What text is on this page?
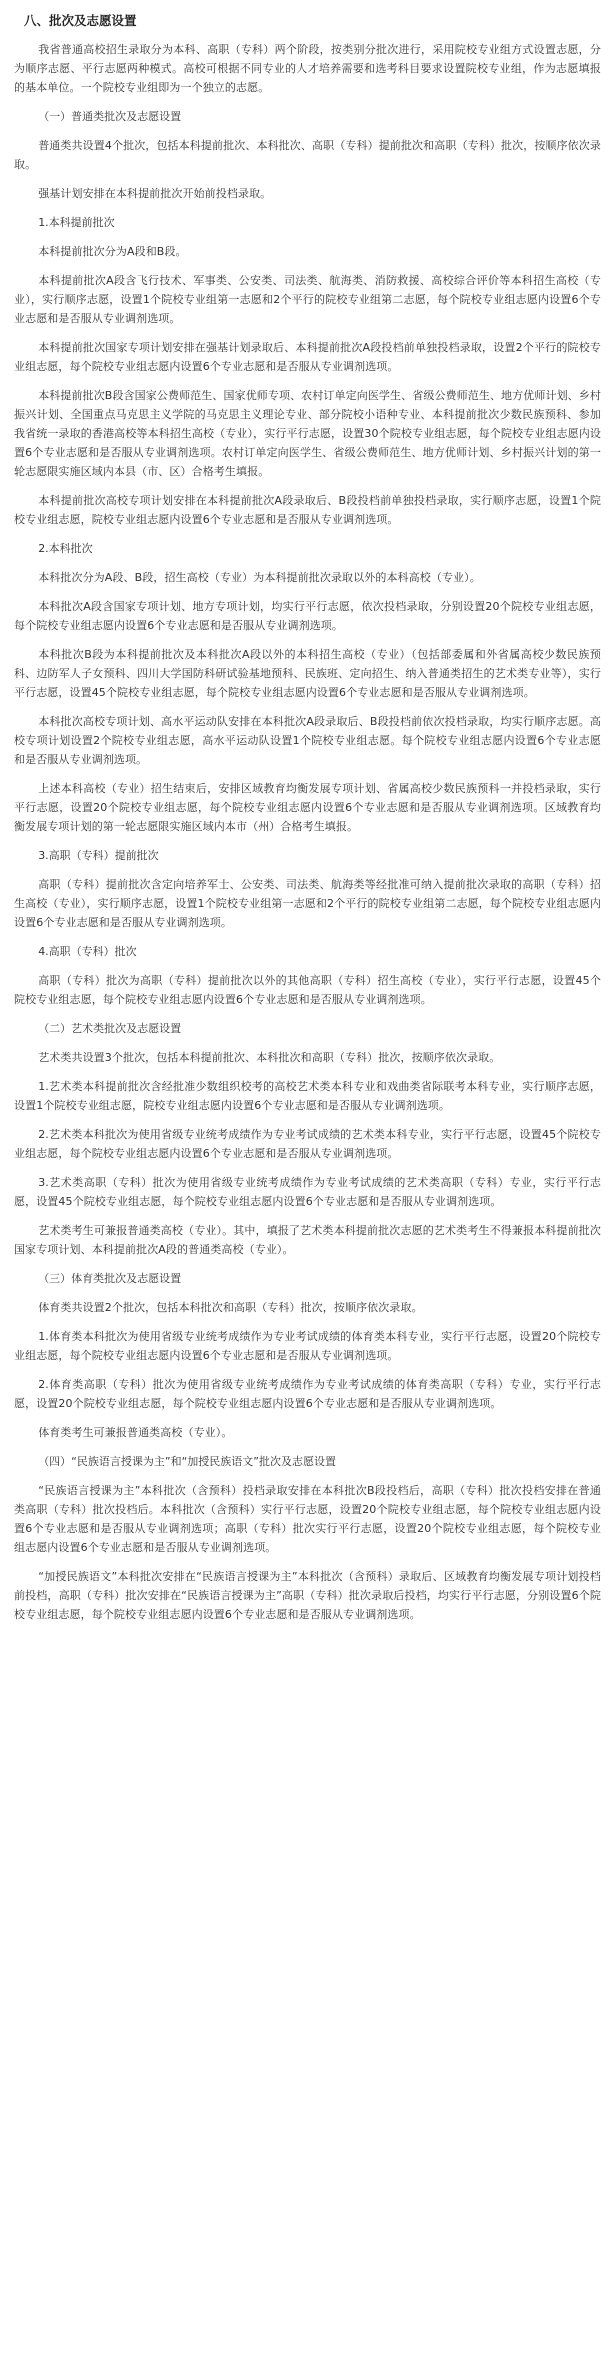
八、批次及志愿设置

我省普通高校招生录取分为本科、高职（专科）两个阶段，按类别分批次进行，采用院校专业组方式设置志愿，分为顺序志愿、平行志愿两种模式。高校可根据不同专业的人才培养需要和选考科目要求设置院校专业组，作为志愿填报的基本单位。一个院校专业组即为一个独立的志愿。

（一）普通类批次及志愿设置

普通类共设置4个批次，包括本科提前批次、本科批次、高职（专科）提前批次和高职（专科）批次，按顺序依次录取。

强基计划安排在本科提前批次开始前投档录取。

1.本科提前批次

本科提前批次分为A段和B段。

本科提前批次A段含飞行技术、军事类、公安类、司法类、航海类、消防救援、高校综合评价等本科招生高校（专业），实行顺序志愿，设置1个院校专业组第一志愿和2个平行的院校专业组第二志愿，每个院校专业组志愿内设置6个专业志愿和是否服从专业调剂选项。

本科提前批次国家专项计划安排在强基计划录取后、本科提前批次A段投档前单独投档录取，设置2个平行的院校专业组志愿，每个院校专业组志愿内设置6个专业志愿和是否服从专业调剂选项。

本科提前批次B段含国家公费师范生、国家优师专项、农村订单定向医学生、省级公费师范生、地方优师计划、乡村振兴计划、全国重点马克思主义学院的马克思主义理论专业、部分院校小语种专业、本科提前批次少数民族预科、参加我省统一录取的香港高校等本科招生高校（专业），实行平行志愿，设置30个院校专业组志愿，每个院校专业组志愿内设置6个专业志愿和是否服从专业调剂选项。农村订单定向医学生、省级公费师范生、地方优师计划、乡村振兴计划的第一轮志愿限实施区域内本县（市、区）合格考生填报。

本科提前批次高校专项计划安排在本科提前批次A段录取后、B段投档前单独投档录取，实行顺序志愿，设置1个院校专业组志愿，院校专业组志愿内设置6个专业志愿和是否服从专业调剂选项。

2.本科批次

本科批次分为A段、B段，招生高校（专业）为本科提前批次录取以外的本科高校（专业）。

本科批次A段含国家专项计划、地方专项计划，均实行平行志愿，依次投档录取，分别设置20个院校专业组志愿，每个院校专业组志愿内设置6个专业志愿和是否服从专业调剂选项。

本科批次B段为本科提前批次及本科批次A段以外的本科招生高校（专业）（包括部委属和外省属高校少数民族预科、边防军人子女预科、四川大学国防科研试验基地预科、民族班、定向招生、纳入普通类招生的艺术类专业等），实行平行志愿，设置45个院校专业组志愿，每个院校专业组志愿内设置6个专业志愿和是否服从专业调剂选项。

本科批次高校专项计划、高水平运动队安排在本科批次A段录取后、B段投档前依次投档录取，均实行顺序志愿。高校专项计划设置2个院校专业组志愿，高水平运动队设置1个院校专业组志愿。每个院校专业组志愿内设置6个专业志愿和是否服从专业调剂选项。

上述本科高校（专业）招生结束后，安排区域教育均衡发展专项计划、省属高校少数民族预科一并投档录取，实行平行志愿，设置20个院校专业组志愿，每个院校专业组志愿内设置6个专业志愿和是否服从专业调剂选项。区域教育均衡发展专项计划的第一轮志愿限实施区域内本市（州）合格考生填报。

3.高职（专科）提前批次

高职（专科）提前批次含定向培养军士、公安类、司法类、航海类等经批准可纳入提前批次录取的高职（专科）招生高校（专业），实行顺序志愿，设置1个院校专业组第一志愿和2个平行的院校专业组第二志愿，每个院校专业组志愿内设置6个专业志愿和是否服从专业调剂选项。

4.高职（专科）批次

高职（专科）批次为高职（专科）提前批次以外的其他高职（专科）招生高校（专业），实行平行志愿，设置45个院校专业组志愿，每个院校专业组志愿内设置6个专业志愿和是否服从专业调剂选项。

（二）艺术类批次及志愿设置

艺术类共设置3个批次，包括本科提前批次、本科批次和高职（专科）批次，按顺序依次录取。

1.艺术类本科提前批次含经批准少数组织校考的高校艺术类本科专业和戏曲类省际联考本科专业，实行顺序志愿，设置1个院校专业组志愿，院校专业组志愿内设置6个专业志愿和是否服从专业调剂选项。

2.艺术类本科批次为使用省级专业统考成绩作为专业考试成绩的艺术类本科专业，实行平行志愿，设置45个院校专业组志愿，每个院校专业组志愿内设置6个专业志愿和是否服从专业调剂选项。

3.艺术类高职（专科）批次为使用省级专业统考成绩作为专业考试成绩的艺术类高职（专科）专业，实行平行志愿，设置45个院校专业组志愿，每个院校专业组志愿内设置6个专业志愿和是否服从专业调剂选项。

艺术类考生可兼报普通类高校（专业）。其中，填报了艺术类本科提前批次志愿的艺术类考生不得兼报本科提前批次国家专项计划、本科提前批次A段的普通类高校（专业）。

（三）体育类批次及志愿设置

体育类共设置2个批次，包括本科批次和高职（专科）批次，按顺序依次录取。

1.体育类本科批次为使用省级专业统考成绩作为专业考试成绩的体育类本科专业，实行平行志愿，设置20个院校专业组志愿，每个院校专业组志愿内设置6个专业志愿和是否服从专业调剂选项。

2.体育类高职（专科）批次为使用省级专业统考成绩作为专业考试成绩的体育类高职（专科）专业，实行平行志愿，设置20个院校专业组志愿，每个院校专业组志愿内设置6个专业志愿和是否服从专业调剂选项。

体育类考生可兼报普通类高校（专业）。

（四）“民族语言授课为主”和“加授民族语文”批次及志愿设置

“民族语言授课为主”本科批次（含预科）投档录取安排在本科批次B段投档后，高职（专科）批次投档安排在普通类高职（专科）批次投档后。本科批次（含预科）实行平行志愿，设置20个院校专业组志愿，每个院校专业组志愿内设置6个专业志愿和是否服从专业调剂选项；高职（专科）批次实行平行志愿，设置20个院校专业组志愿，每个院校专业组志愿内设置6个专业志愿和是否服从专业调剂选项。

“加授民族语文”本科批次安排在“民族语言授课为主”本科批次（含预科）录取后、区域教育均衡发展专项计划投档前投档，高职（专科）批次安排在“民族语言授课为主”高职（专科）批次录取后投档，均实行平行志愿，分别设置6个院校专业组志愿，每个院校专业组志愿内设置6个专业志愿和是否服从专业调剂选项。
